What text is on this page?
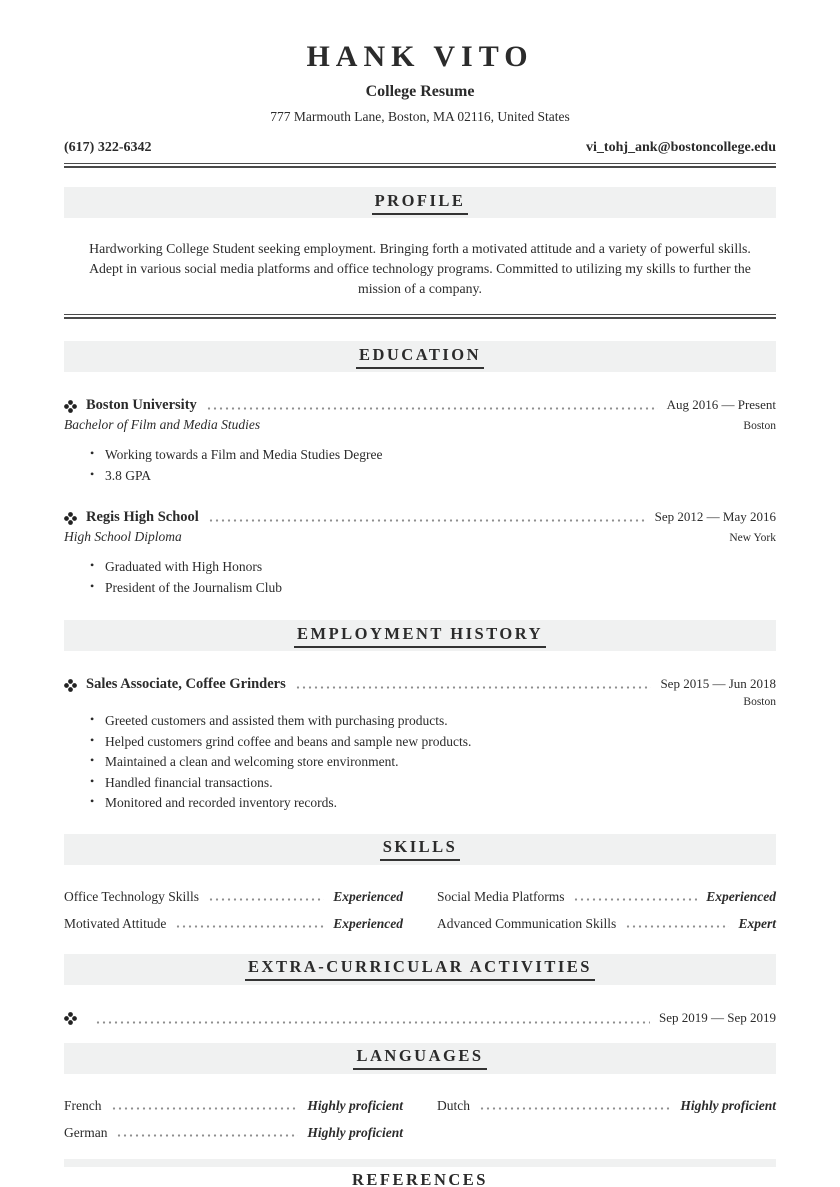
HANK VITO
College Resume
777 Marmouth Lane, Boston, MA 02116, United States
(617) 322-6342	vi_tohj_ank@bostoncollege.edu
PROFILE
Hardworking College Student seeking employment. Bringing forth a motivated attitude and a variety of powerful skills. Adept in various social media platforms and office technology programs. Committed to utilizing my skills to further the mission of a company.
EDUCATION
Boston University	Aug 2016 — Present
Bachelor of Film and Media Studies	Boston
• Working towards a Film and Media Studies Degree
• 3.8 GPA
Regis High School	Sep 2012 — May 2016
High School Diploma	New York
• Graduated with High Honors
• President of the Journalism Club
EMPLOYMENT HISTORY
Sales Associate, Coffee Grinders	Sep 2015 — Jun 2018
Boston
• Greeted customers and assisted them with purchasing products.
• Helped customers grind coffee and beans and sample new products.
• Maintained a clean and welcoming store environment.
• Handled financial transactions.
• Monitored and recorded inventory records.
SKILLS
Office Technology Skills	Experienced	Social Media Platforms	Experienced
Motivated Attitude	Experienced	Advanced Communication Skills	Expert
EXTRA-CURRICULAR ACTIVITIES
Sep 2019 — Sep 2019
LANGUAGES
French	Highly proficient	Dutch	Highly proficient
German	Highly proficient
REFERENCES
